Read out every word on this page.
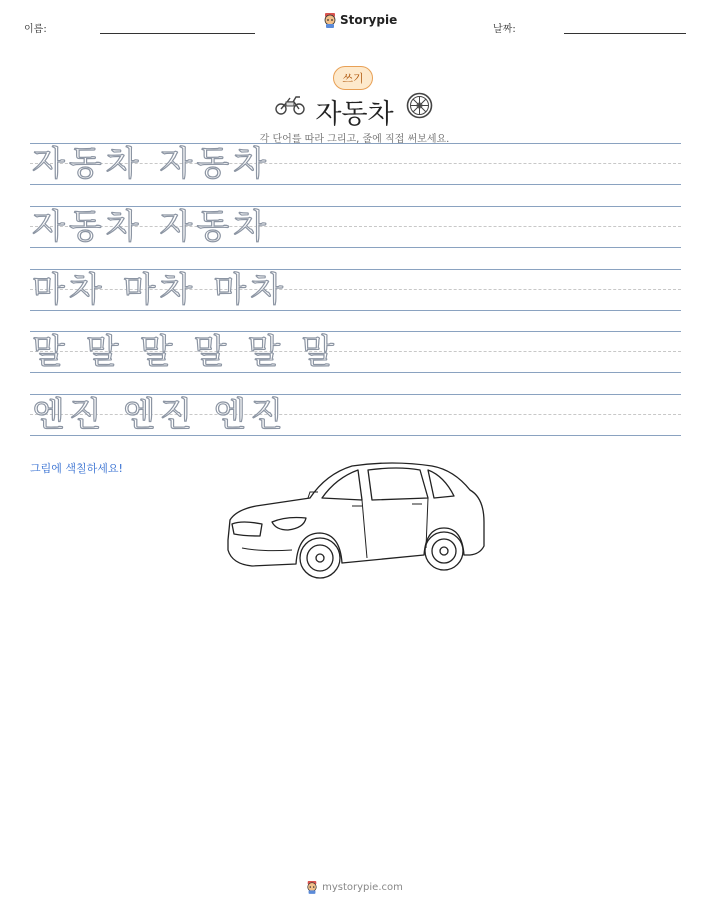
이름:
Storypie
날짜:
쓰기
자동차
각 단어를 따라 그리고, 줄에 직접 써보세요.
자동차 자동차
자동차 자동차
마차 마차 마차
말 말 말 말 말 말
엔진 엔진 엔진
그림에 색칠하세요!
mystorypie.com
